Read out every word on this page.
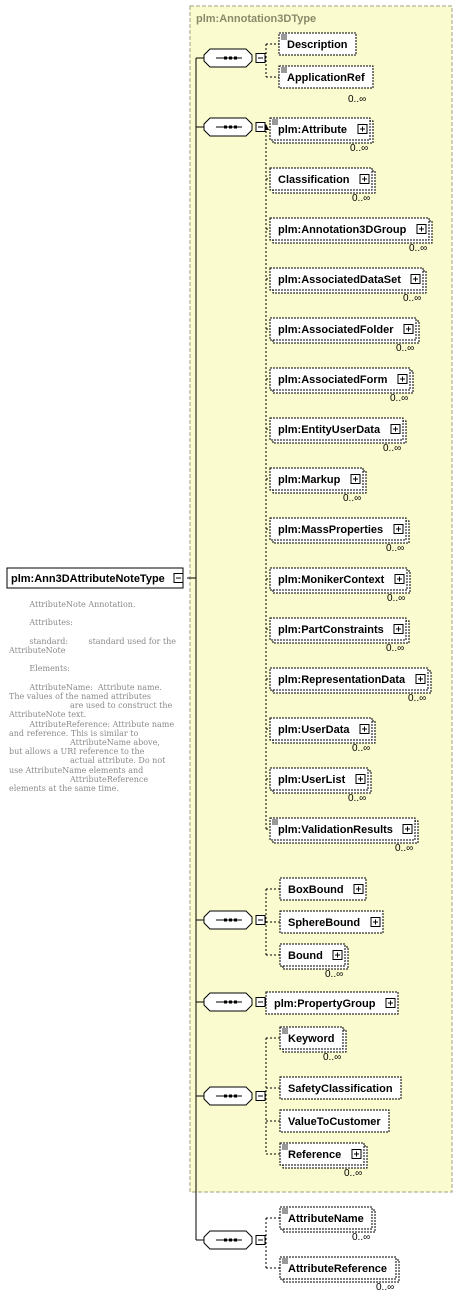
plm:Annotation3DType
plm:Ann3DAttributeNoteType
Description
ApplicationRef
0..∞
plm:Attribute
0..∞
Classification
0..∞
plm:Annotation3DGroup
0..∞
plm:AssociatedDataSet
0..∞
plm:AssociatedFolder
0..∞
plm:AssociatedForm
0..∞
plm:EntityUserData
0..∞
plm:Markup
0..∞
plm:MassProperties
0..∞
plm:MonikerContext
0..∞
plm:PartConstraints
0..∞
plm:RepresentationData
0..∞
plm:UserData
0..∞
plm:UserList
0..∞
plm:ValidationResults
0..∞
BoxBound
SphereBound
Bound
0..∞
plm:PropertyGroup
Keyword
0..∞
SafetyClassification
ValueToCustomer
Reference
0..∞
AttributeName
0..∞
AttributeReference
0..∞
AttributeNote Annotation.

Attributes:

standard:        standard used for the
AttributeNote

Elements:

AttributeName:  Attribute name.
The values of the named attributes
are used to construct the
AttributeNote text.
AttributeReference: Attribute name
and reference. This is similar to
AttributeName above,
but allows a URI reference to the
actual attribute. Do not
use AttributeName elements and
AttributeReference
elements at the same time.
